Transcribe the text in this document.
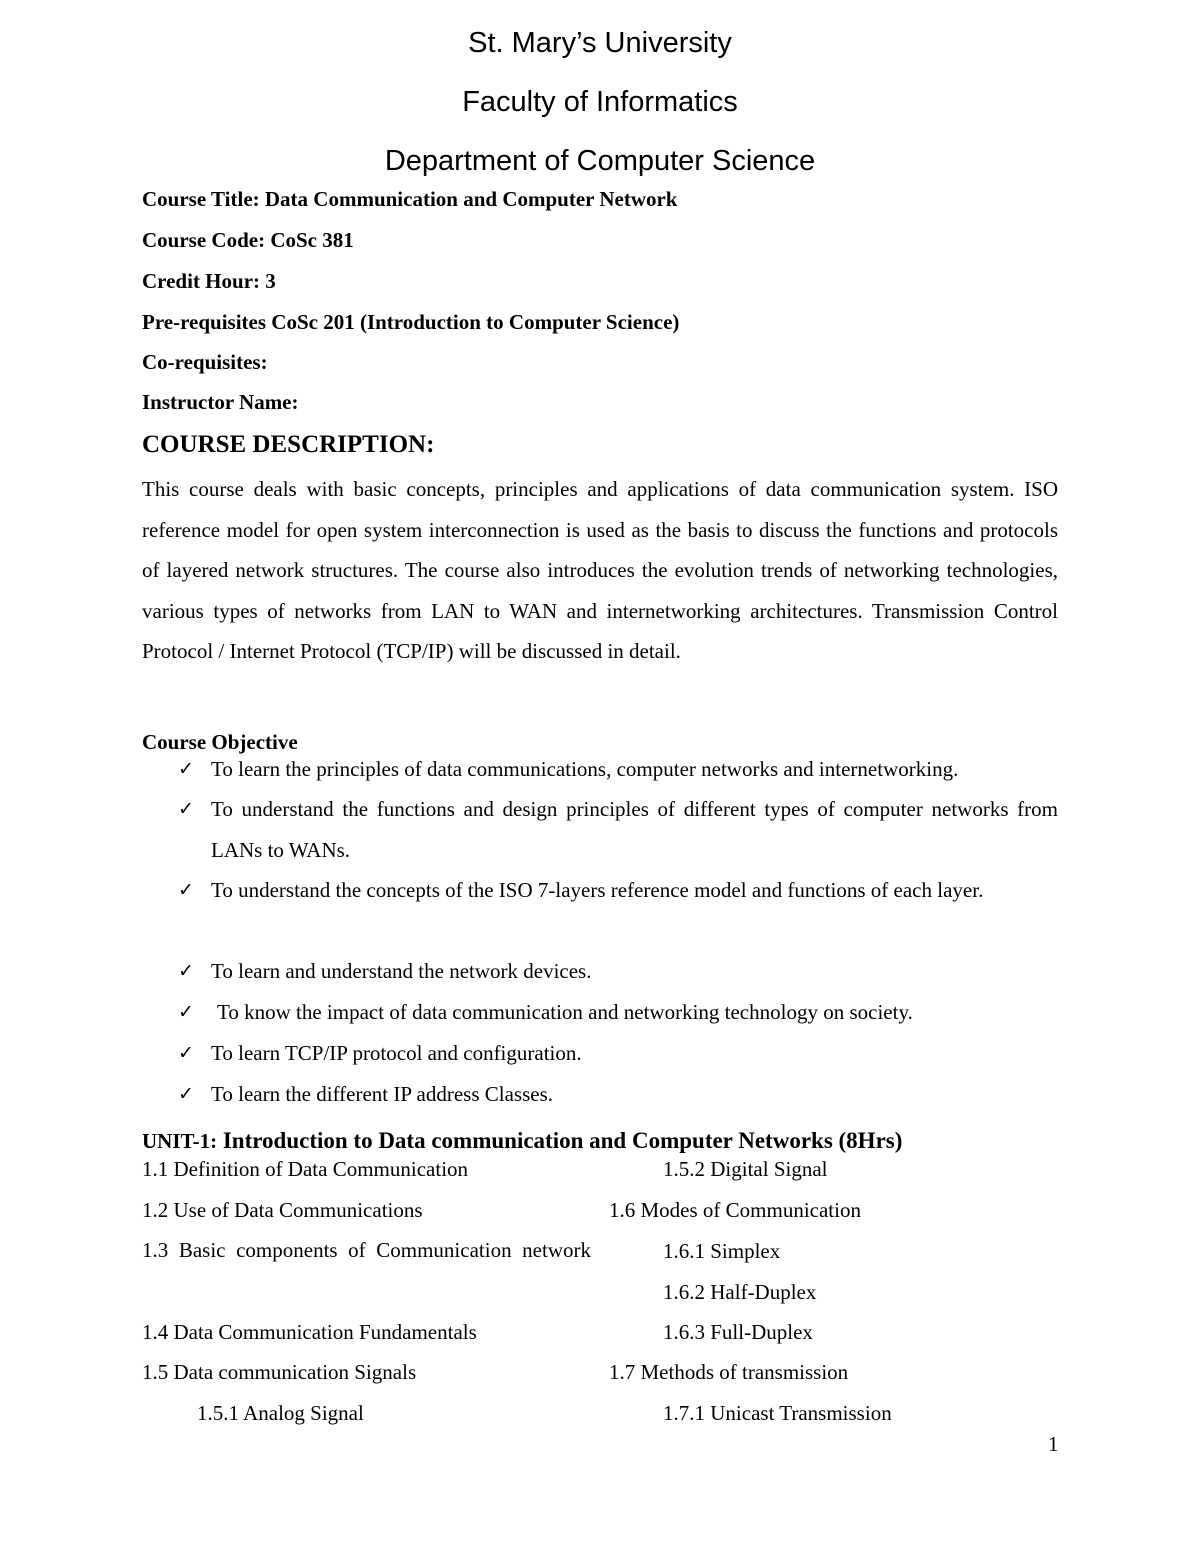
St. Mary’s University
Faculty of Informatics
Department of Computer Science
Course Title: Data Communication and Computer Network
Course Code: CoSc 381
Credit Hour: 3
Pre-requisites CoSc 201 (Introduction to Computer Science)
Co-requisites:
Instructor Name:
COURSE DESCRIPTION:
This course deals with basic concepts, principles and applications of data communication system. ISO reference model for open system interconnection is used as the basis to discuss the functions and protocols of layered network structures. The course also introduces the evolution trends of networking technologies, various types of networks from LAN to WAN and internetworking architectures. Transmission Control Protocol / Internet Protocol (TCP/IP) will be discussed in detail.
Course Objective
✓ To learn the principles of data communications, computer networks and internetworking.
✓ To understand the functions and design principles of different types of computer networks from LANs to WANs.
✓ To understand the concepts of the ISO 7-layers reference model and functions of each layer.
✓ To learn and understand the network devices.
✓ To know the impact of data communication and networking technology on society.
✓ To learn TCP/IP protocol and configuration.
✓ To learn the different IP address Classes.
UNIT-1: Introduction to Data communication and Computer Networks (8Hrs)
1.1 Definition of Data Communication
1.2 Use of Data Communications
1.3 Basic components of Communication network
1.4 Data Communication Fundamentals
1.5 Data communication Signals
1.5.1 Analog Signal
1.5.2 Digital Signal
1.6 Modes of Communication
1.6.1 Simplex
1.6.2 Half-Duplex
1.6.3 Full-Duplex
1.7 Methods of transmission
1.7.1 Unicast Transmission
1
